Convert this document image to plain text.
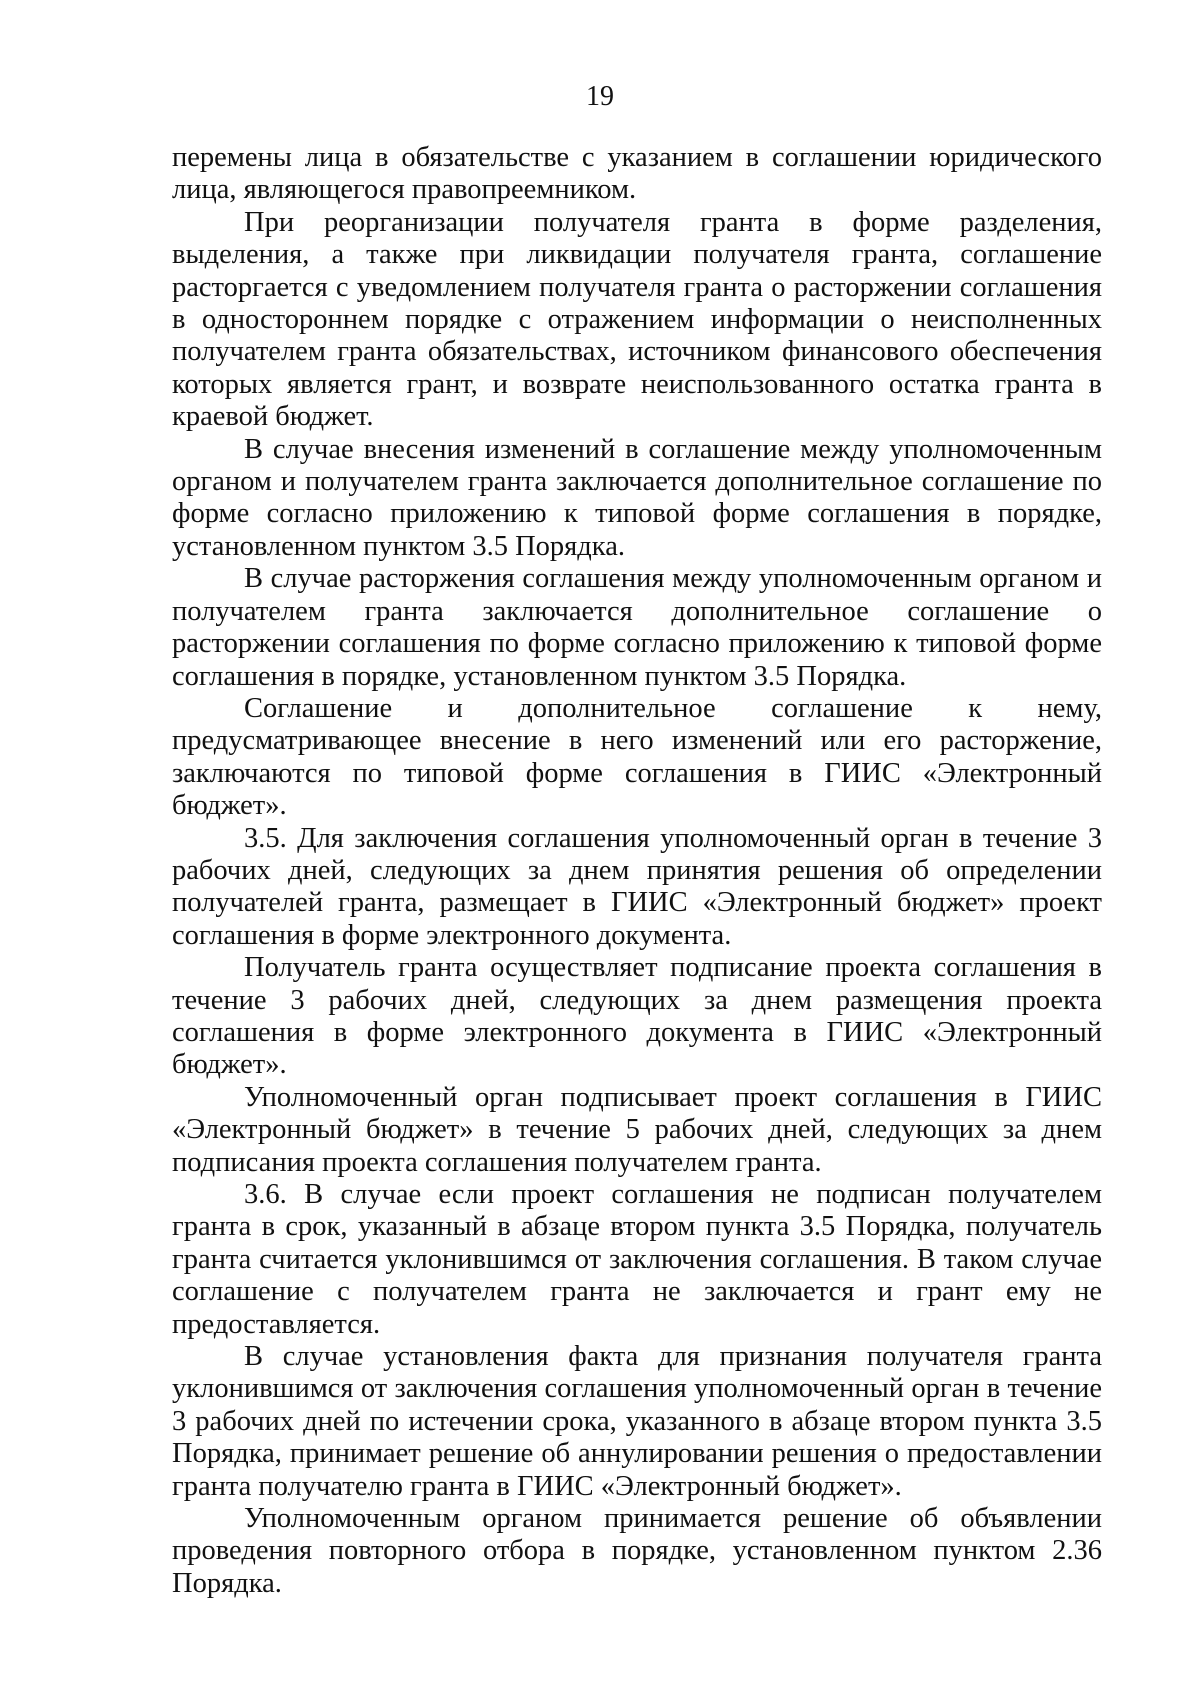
19

перемены лица в обязательстве с указанием в соглашении юридического лица, являющегося правопреемником.

При реорганизации получателя гранта в форме разделения, выделения, а также при ликвидации получателя гранта, соглашение расторгается с уведомлением получателя гранта о расторжении соглашения в одностороннем порядке с отражением информации о неисполненных получателем гранта обязательствах, источником финансового обеспечения которых является грант, и возврате неиспользованного остатка гранта в краевой бюджет.

В случае внесения изменений в соглашение между уполномоченным органом и получателем гранта заключается дополнительное соглашение по форме согласно приложению к типовой форме соглашения в порядке, установленном пунктом 3.5 Порядка.

В случае расторжения соглашения между уполномоченным органом и получателем гранта заключается дополнительное соглашение о расторжении соглашения по форме согласно приложению к типовой форме соглашения в порядке, установленном пунктом 3.5 Порядка.

Соглашение и дополнительное соглашение к нему, предусматривающее внесение в него изменений или его расторжение, заключаются по типовой форме соглашения в ГИИС «Электронный бюджет».

3.5. Для заключения соглашения уполномоченный орган в течение 3 рабочих дней, следующих за днем принятия решения об определении получателей гранта, размещает в ГИИС «Электронный бюджет» проект соглашения в форме электронного документа.

Получатель гранта осуществляет подписание проекта соглашения в течение 3 рабочих дней, следующих за днем размещения проекта соглашения в форме электронного документа в ГИИС «Электронный бюджет».

Уполномоченный орган подписывает проект соглашения в ГИИС «Электронный бюджет» в течение 5 рабочих дней, следующих за днем подписания проекта соглашения получателем гранта.

3.6. В случае если проект соглашения не подписан получателем гранта в срок, указанный в абзаце втором пункта 3.5 Порядка, получатель гранта считается уклонившимся от заключения соглашения. В таком случае соглашение с получателем гранта не заключается и грант ему не предоставляется.

В случае установления факта для признания получателя гранта уклонившимся от заключения соглашения уполномоченный орган в течение 3 рабочих дней по истечении срока, указанного в абзаце втором пункта 3.5 Порядка, принимает решение об аннулировании решения о предоставлении гранта получателю гранта в ГИИС «Электронный бюджет».

Уполномоченным органом принимается решение об объявлении проведения повторного отбора в порядке, установленном пунктом 2.36 Порядка.
